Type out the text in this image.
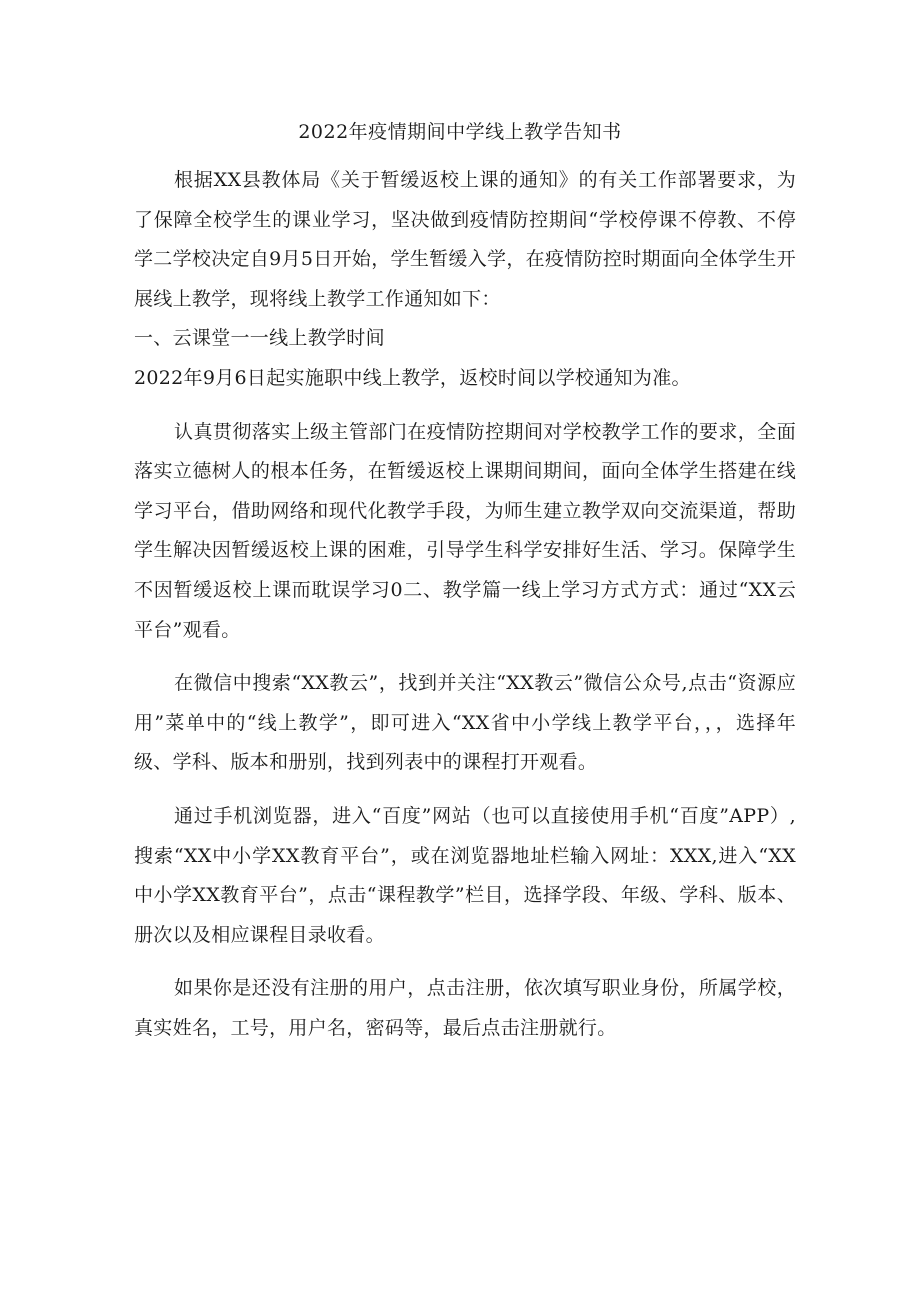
2022年疫情期间中学线上教学告知书

根据XX县教体局《关于暂缓返校上课的通知》的有关工作部署要求，为了保障全校学生的课业学习，坚决做到疫情防控期间“学校停课不停教、不停学二学校决定自9月5日开始，学生暂缓入学，在疫情防控时期面向全体学生开展线上教学，现将线上教学工作通知如下：

一、云课堂一一线上教学时间

2022年9月6日起实施职中线上教学，返校时间以学校通知为准。

认真贯彻落实上级主管部门在疫情防控期间对学校教学工作的要求，全面落实立德树人的根本任务，在暂缓返校上课期间期间，面向全体学生搭建在线学习平台，借助网络和现代化教学手段，为师生建立教学双向交流渠道，帮助学生解决因暂缓返校上课的困难，引导学生科学安排好生活、学习。保障学生不因暂缓返校上课而耽误学习0二、教学篇一线上学习方式方式：通过“XX云平台”观看。

在微信中搜索“XX教云”，找到并关注“XX教云”微信公众号,点击“资源应用”菜单中的“线上教学”，即可进入“XX省中小学线上教学平台，，，选择年级、学科、版本和册别，找到列表中的课程打开观看。

通过手机浏览器，进入“百度”网站（也可以直接使用手机“百度”APP）,搜索“XX中小学XX教育平台”，或在浏览器地址栏输入网址：XXX,进入“XX中小学XX教育平台”，点击“课程教学”栏目，选择学段、年级、学科、版本、册次以及相应课程目录收看。

如果你是还没有注册的用户，点击注册，依次填写职业身份，所属学校，真实姓名，工号，用户名，密码等，最后点击注册就行。
